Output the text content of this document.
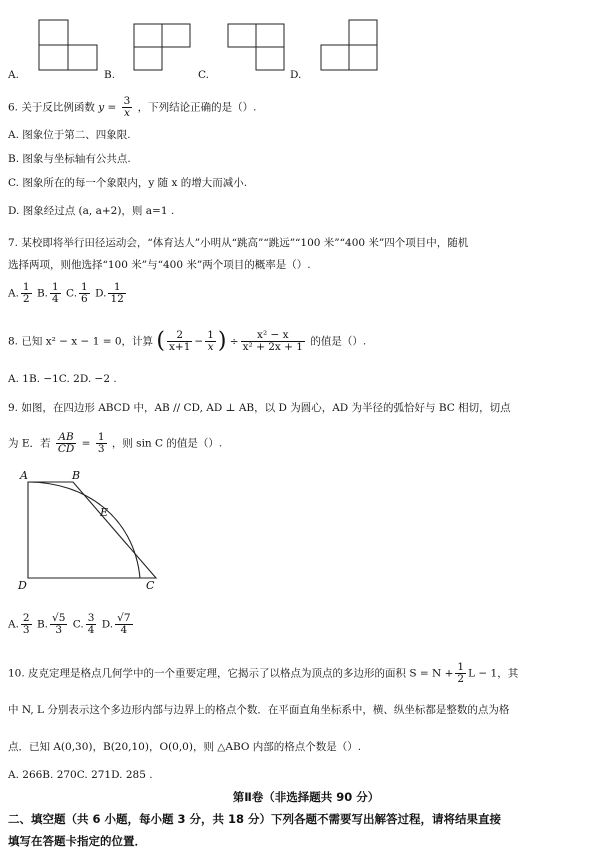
A.	B.	C.	D.
6. 关于反比例函数 $y = \frac{3}{x}$ ，下列结论正确的是（）.
A. 图象位于第二、四象限.
B. 图象与坐标轴有公共点.
C. 图象所在的每一个象限内，y 随 x 的增大而减小.
D. 图象经过点 (a, a+2)，则 a=1 .
7. 某校即将举行田径运动会，“体育达人”小明从“跳高”“跳远”“100 米”“400 米”四个项目中，随机
选择两项，则他选择“100 米”与“400 米”两个项目的概率是（）.
A. $\frac{1}{2} B$. $\frac{1}{4} C$. $\frac{1}{6} D$. $\frac{1}{12}$
8. 已知 x² − x − 1 = 0，计算 ( $\frac{2}{x+1} - \frac{1}{x}$ ) ÷ $\frac{\text{x² − x}}{\text{x² + 2x + 1}}$ 的值是（）.
A. 1B. −1C. 2D. −2 .
9. 如图，在四边形 ABCD 中，AB // CD, AD ⊥ AB，以 D 为圆心，AD 为半径的弧恰好与 BC 相切，切点
为 E．若 $\frac{AB}{CD} = \frac{1}{3}$ ，则 sin C 的值是（）.
A	B
E
D	C
A. $\frac{2}{3} B$. $\frac{√5}{3} C$. $\frac{3}{4} D$. $\frac{√7}{4}$
10. 皮克定理是格点几何学中的一个重要定理，它揭示了以格点为顶点的多边形的面积 $S = N + \frac{1}{2}$ L − 1，其
中 N, L 分别表示这个多边形内部与边界上的格点个数．在平面直角坐标系中，横、纵坐标都是整数的点为格
点．已知 A(0,30)，B(20,10)，O(0,0)，则 △ABO 内部的格点个数是（）.
A. 266B. 270C. 271D. 285 .
第Ⅱ卷（非选择题共 90 分）
二、填空题（共 6 小题，每小题 3 分，共 18 分）下列各题不需要写出解答过程，请将结果直接
填写在答题卡指定的位置．
